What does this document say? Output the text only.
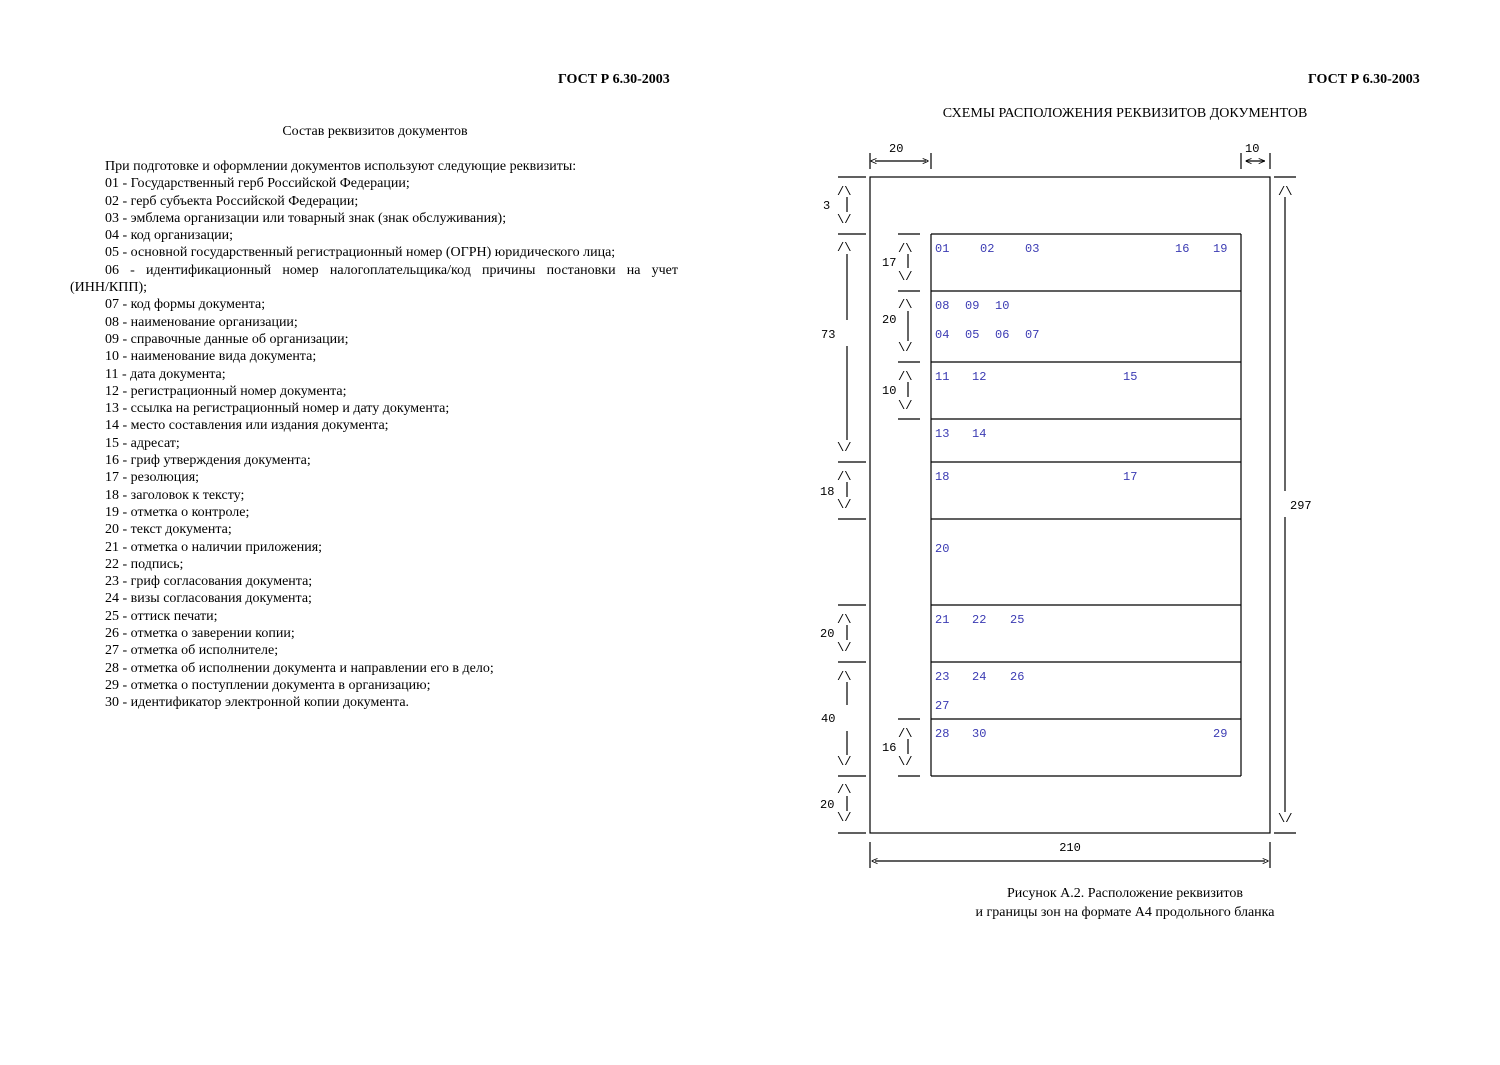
ГОСТ Р 6.30-2003
Состав реквизитов документов

При подготовке и оформлении документов используют следующие реквизиты:

01 - Государственный герб Российской Федерации;
02 - герб субъекта Российской Федерации;
03 - эмблема организации или товарный знак (знак обслуживания);
04 - код организации;
05 - основной государственный регистрационный номер (ОГРН) юридического лица;

06 - идентификационный номер налогоплательщика/код причины постановки на учет

(ИНН/КПП);
07 - код формы документа;
08 - наименование организации;
09 - справочные данные об организации;
10 - наименование вида документа;
11 - дата документа;
12 - регистрационный номер документа;
13 - ссылка на регистрационный номер и дату документа;
14 - место составления или издания документа;
15 - адресат;
16 - гриф утверждения документа;
17 - резолюция;
18 - заголовок к тексту;
19 - отметка о контроле;
20 - текст документа;
21 - отметка о наличии приложения;
22 - подпись;
23 - гриф согласования документа;
24 - визы согласования документа;
25 - оттиск печати;
26 - отметка о заверении копии;
27 - отметка об исполнителе;
28 - отметка об исполнении документа и направлении его в дело;
29 - отметка о поступлении документа в организацию;
30 - идентификатор электронной копии документа.
ГОСТ Р 6.30-2003
СХЕМЫ РАСПОЛОЖЕНИЯ РЕКВИЗИТОВ ДОКУМЕНТОВ
20
<	>
10
< >
297
/\
\/
210
<	>
3
/\
\/
73
/\
\/
18
/\
\/
20
/\
\/
40
/\
\/
20
/\
\/
17
/\
\/
20
/\
\/
10
/\
\/
16
/\
\/
01	02	03	16 19
08 09 10
04 05 06 07
11 12	15
13 14
18	17
20
21 22 25
23 24 26
27
28 30	29
Рисунок А.2. Расположение реквизитов
и границы зон на формате А4 продольного бланка
